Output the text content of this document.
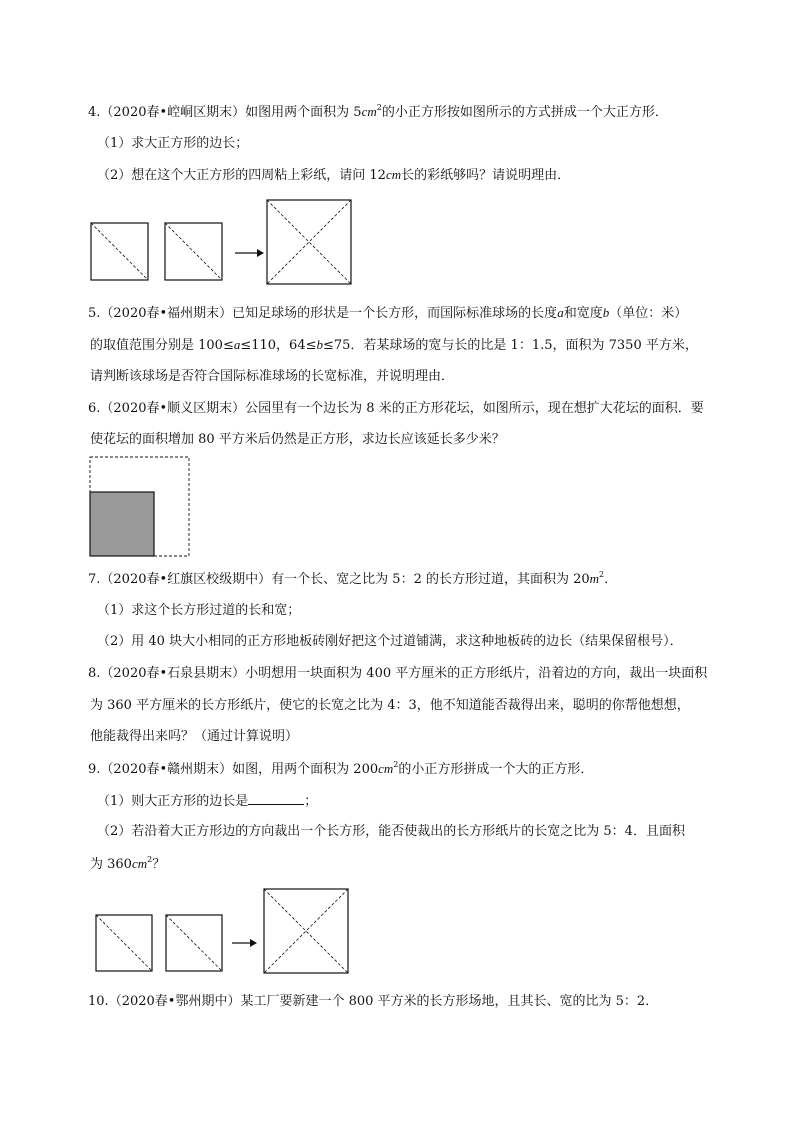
4.（2020春•崆峒区期末）如图用两个面积为 $5cm^2$的小正方形按如图所示的方式拼成一个大正方形．
（1）求大正方形的边长；
（2）想在这个大正方形的四周粘上彩纸，请问 12cm长的彩纸够吗？请说明理由．
5.（2020春•福州期末）已知足球场的形状是一个长方形，而国际标准球场的长度a和宽度b（单位：米）
的取值范围分别是 100≤a≤110，64≤b≤75．若某球场的宽与长的比是 1：1.5，面积为 7350 平方米，
请判断该球场是否符合国际标准球场的长宽标准，并说明理由．
6.（2020春•顺义区期末）公园里有一个边长为 8 米的正方形花坛，如图所示，现在想扩大花坛的面积．要
使花坛的面积增加 80 平方米后仍然是正方形，求边长应该延长多少米？
7.（2020春•红旗区校级期中）有一个长、宽之比为 5：2 的长方形过道，其面积为 $20m^2$．
（1）求这个长方形过道的长和宽；
（2）用 40 块大小相同的正方形地板砖刚好把这个过道铺满，求这种地板砖的边长（结果保留根号）．
8.（2020春•石泉县期末）小明想用一块面积为 400 平方厘米的正方形纸片，沿着边的方向，裁出一块面积
为 360 平方厘米的长方形纸片，使它的长宽之比为 4：3，他不知道能否裁得出来，聪明的你帮他想想，
他能裁得出来吗？（通过计算说明）
9.（2020春•赣州期末）如图，用两个面积为 $200cm^2$的小正方形拼成一个大的正方形．
（1）则大正方形的边长是	；
（2）若沿着大正方形边的方向裁出一个长方形，能否使裁出的长方形纸片的长宽之比为 5：4．且面积
为 $360cm^2$？
10.（2020春•鄂州期中）某工厂要新建一个 800 平方米的长方形场地，且其长、宽的比为 5：2．
